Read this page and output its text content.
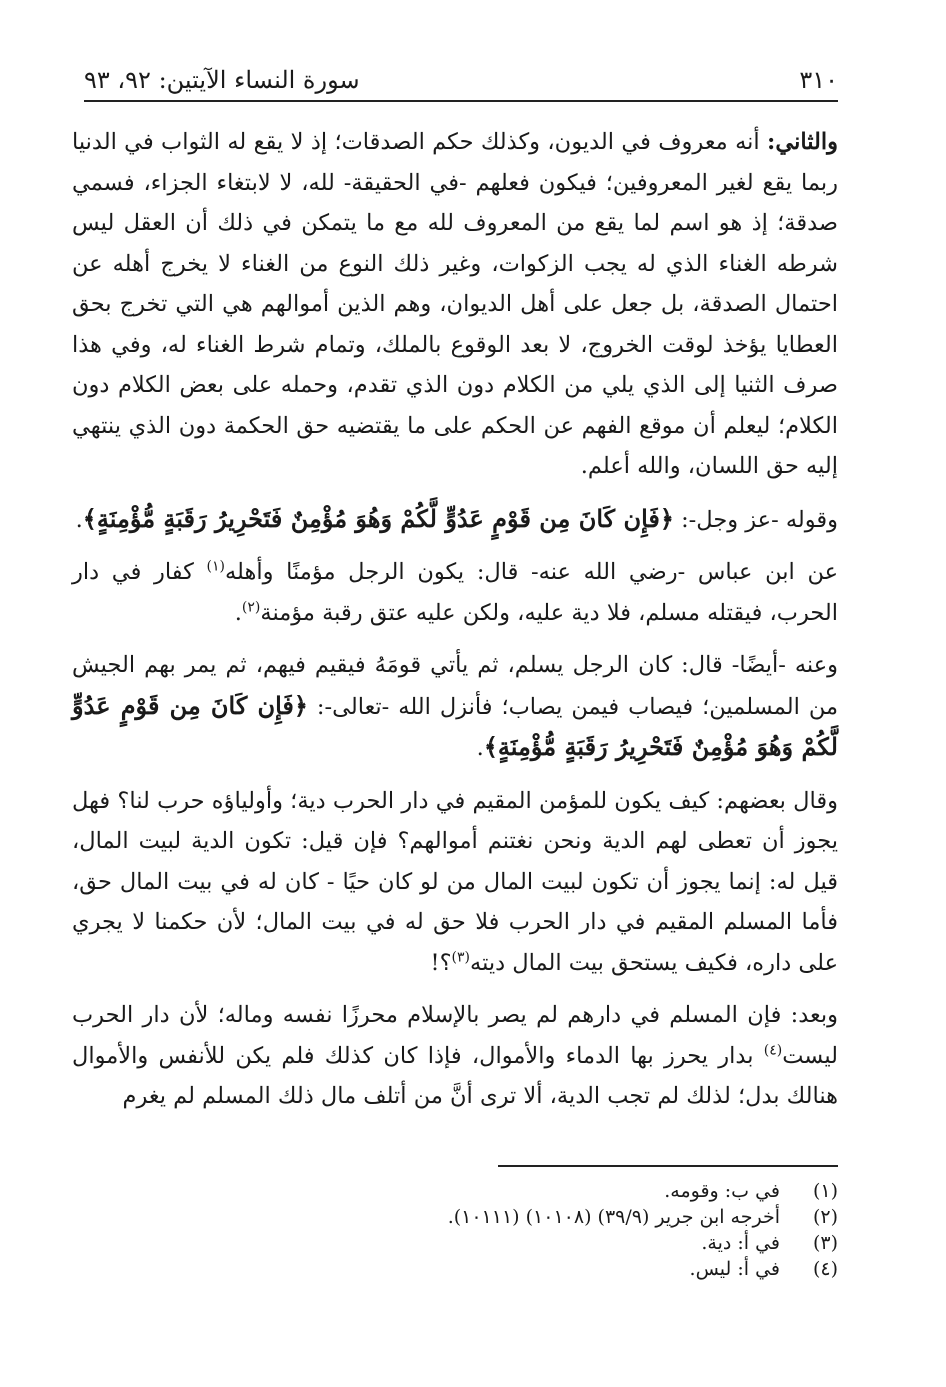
٣١٠
سورة النساء الآيتين: ٩٢، ٩٣

والثاني: أنه معروف في الديون، وكذلك حكم الصدقات؛ إذ لا يقع له الثواب في الدنيا ربما يقع لغير المعروفين؛ فيكون فعلهم -في الحقيقة- لله، لا لابتغاء الجزاء، فسمي صدقة؛ إذ هو اسم لما يقع من المعروف لله مع ما يتمكن في ذلك أن العقل ليس شرطه الغناء الذي له يجب الزكوات، وغير ذلك النوع من الغناء لا يخرج أهله عن احتمال الصدقة، بل جعل على أهل الديوان، وهم الذين أموالهم هي التي تخرج بحق العطايا يؤخذ لوقت الخروج، لا بعد الوقوع بالملك، وتمام شرط الغناء له، وفي هذا صرف الثنيا إلى الذي يلي من الكلام دون الذي تقدم، وحمله على بعض الكلام دون الكلام؛ ليعلم أن موقع الفهم عن الحكم على ما يقتضيه حق الحكمة دون الذي ينتهي إليه حق اللسان، والله أعلم.

وقوله -عز وجل-: ﴿فَإِن كَانَ مِن قَوْمٍ عَدُوٍّ لَّكُمْ وَهُوَ مُؤْمِنٌ فَتَحْرِيرُ رَقَبَةٍ مُّؤْمِنَةٍ﴾.

عن ابن عباس -رضي الله عنه- قال: يكون الرجل مؤمنًا وأهله$^{(١)}$ كفار في دار الحرب، فيقتله مسلم، فلا دية عليه، ولكن عليه عتق رقبة مؤمنة$^{(٢)}$.

وعنه -أيضًا- قال: كان الرجل يسلم، ثم يأتي قومَهُ فيقيم فيهم، ثم يمر بهم الجيش من المسلمين؛ فيصاب فيمن يصاب؛ فأنزل الله -تعالى-: ﴿فَإِن كَانَ مِن قَوْمٍ عَدُوٍّ لَّكُمْ وَهُوَ مُؤْمِنٌ فَتَحْرِيرُ رَقَبَةٍ مُّؤْمِنَةٍ﴾.

وقال بعضهم: كيف يكون للمؤمن المقيم في دار الحرب دية؛ وأولياؤه حرب لنا؟ فهل يجوز أن تعطى لهم الدية ونحن نغتنم أموالهم؟ فإن قيل: تكون الدية لبيت المال، قيل له: إنما يجوز أن تكون لبيت المال من لو كان حيًا - كان له في بيت المال حق، فأما المسلم المقيم في دار الحرب فلا حق له في بيت المال؛ لأن حكمنا لا يجري على داره، فكيف يستحق بيت المال ديته$^{(٣)}$؟!

وبعد: فإن المسلم في دارهم لم يصر بالإسلام محرزًا نفسه وماله؛ لأن دار الحرب ليست$^{(٤)}$ بدار يحرز بها الدماء والأموال، فإذا كان كذلك فلم يكن للأنفس والأموال هنالك بدل؛ لذلك لم تجب الدية، ألا ترى أنَّ من أتلف مال ذلك المسلم لم يغرم

(١)
في ب: وقومه.
(٢)
أخرجه ابن جرير (٣٩/٩) (١٠١٠٨) (١٠١١١).
(٣)
في أ: دية.
(٤)
في أ: ليس.
